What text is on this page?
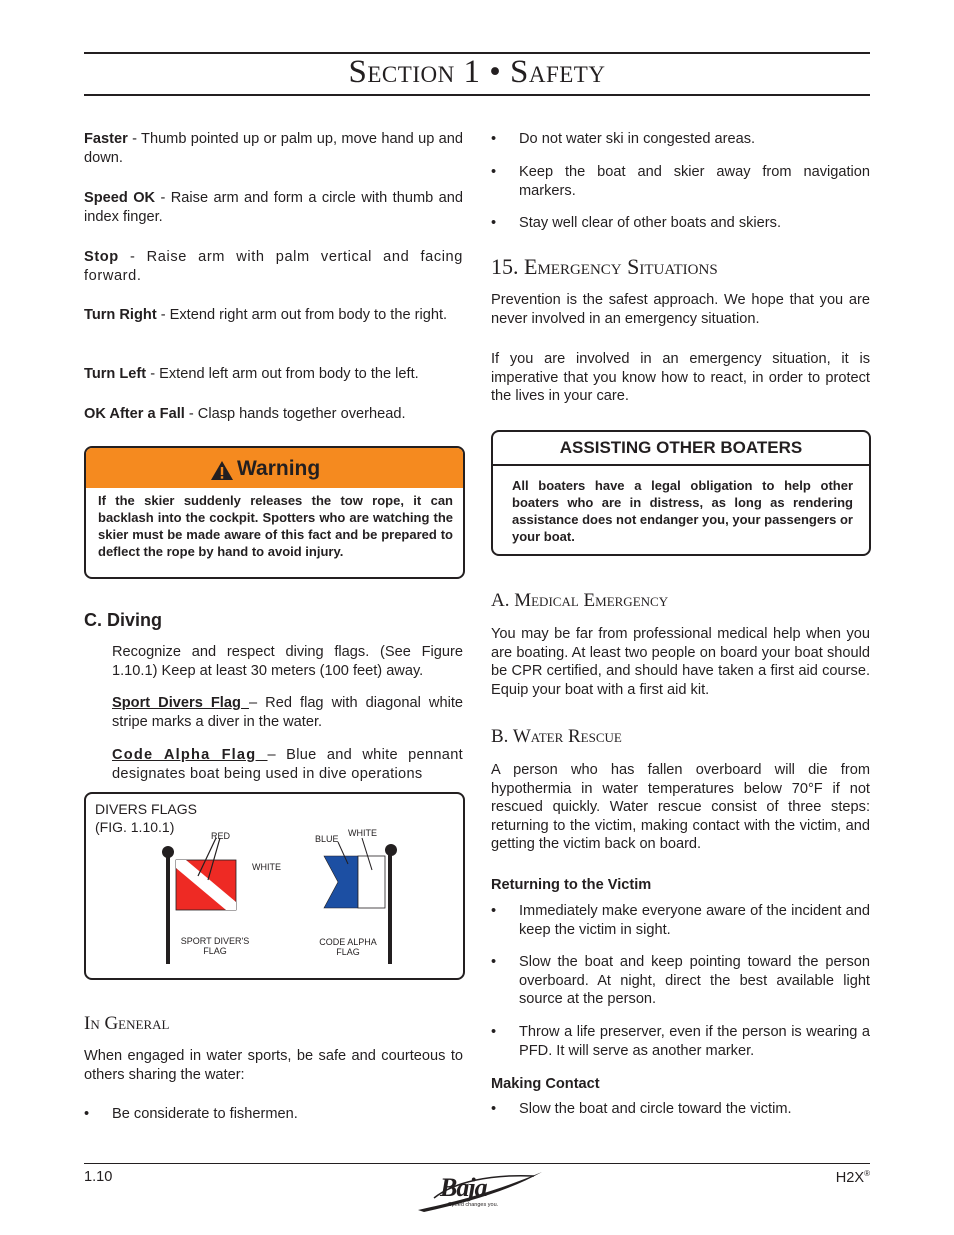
Section 1 • Safety
Faster - Thumb pointed up or palm up, move hand up and down.
Speed OK - Raise arm and form a circle with thumb and index finger.
Stop - Raise arm with palm vertical and facing forward.
Turn Right - Extend right arm out from body to the right.
Turn Left - Extend left arm out from body to the left.
OK After a Fall - Clasp hands together overhead.
Warning
If the skier suddenly releases the tow rope, it can backlash into the cockpit. Spotters who are watching the skier must be made aware of this fact and be prepared to deflect the rope by hand to avoid injury.
C. Diving
Recognize and respect diving flags. (See Figure 1.10.1) Keep at least 30 meters (100 feet) away.
Sport Divers Flag – Red flag with diagonal white stripe marks a diver in the water.
Code Alpha Flag – Blue and white pennant designates boat being used in dive operations
DIVERS FLAGS
(FIG. 1.10.1)
RED
WHITE
BLUE
WHITE
SPORT DIVER'S
FLAG
CODE ALPHA
FLAG
In General
When engaged in water sports, be safe and courteous to others sharing the water:
• Be considerate to fishermen.
• Do not water ski in congested areas.
• Keep the boat and skier away from navigation markers.
• Stay well clear of other boats and skiers.
15. Emergency Situations
Prevention is the safest approach. We hope that you are never involved in an emergency situation.
If you are involved in an emergency situation, it is imperative that you know how to react, in order to protect the lives in your care.
ASSISTING OTHER BOATERS
All boaters have a legal obligation to help other boaters who are in distress, as long as rendering assistance does not endanger you, your passengers or your boat.
A. Medical Emergency
You may be far from professional medical help when you are boating. At least two people on board your boat should be CPR certified, and should have taken a first aid course. Equip your boat with a first aid kit.
B. Water Rescue
A person who has fallen overboard will die from hypothermia in water temperatures below 70°F if not rescued quickly. Water rescue consist of three steps: returning to the victim, making contact with the victim, and getting the victim back on board.
Returning to the Victim
• Immediately make everyone aware of the incident and keep the victim in sight.
• Slow the boat and keep pointing toward the person overboard. At night, direct the best available light source at the person.
• Throw a life preserver, even if the person is wearing a PFD. It will serve as another marker.
Making Contact
• Slow the boat and circle toward the victim.
1.10	H2X®
Baja
Speed changes you.
